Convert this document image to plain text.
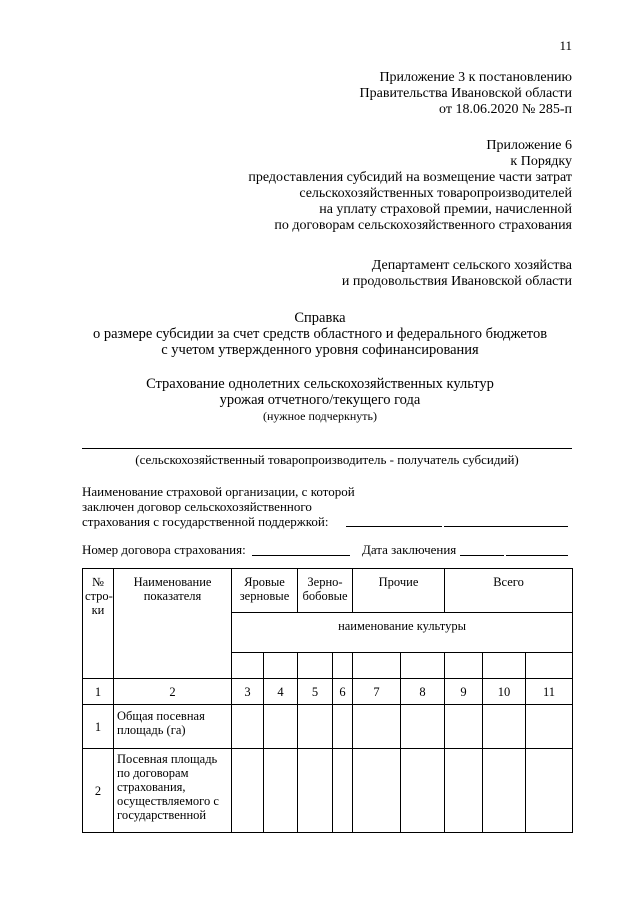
11
Приложение 3 к постановлению
Правительства Ивановской области
от 18.06.2020 № 285-п
Приложение 6
к Порядку
предоставления субсидий на возмещение части затрат
сельскохозяйственных товаропроизводителей
на уплату страховой премии, начисленной
по договорам сельскохозяйственного страхования
Департамент сельского хозяйства
и продовольствия Ивановской области
Справка
о размере субсидии за счет средств областного и федерального бюджетов
с учетом утвержденного уровня софинансирования
Страхование однолетних сельскохозяйственных культур
урожая отчетного/текущего года
(нужное подчеркнуть)
(сельскохозяйственный товаропроизводитель - получатель субсидий)
Наименование страховой организации, с которой
заключен договор сельскохозяйственного
страхования с государственной поддержкой:
Номер договора страхования:	Дата заключения
№ стро-ки	Наименование показателя	Яровые зерновые		Зерно-бобовые		Прочие		Всего		
		наименование культуры								

1	2	3	4	5	6	7	8	9	10	11
1	Общая посевная площадь (га)									
2	Посевная площадь по договорам страхования, осуществляемого с государственной									
